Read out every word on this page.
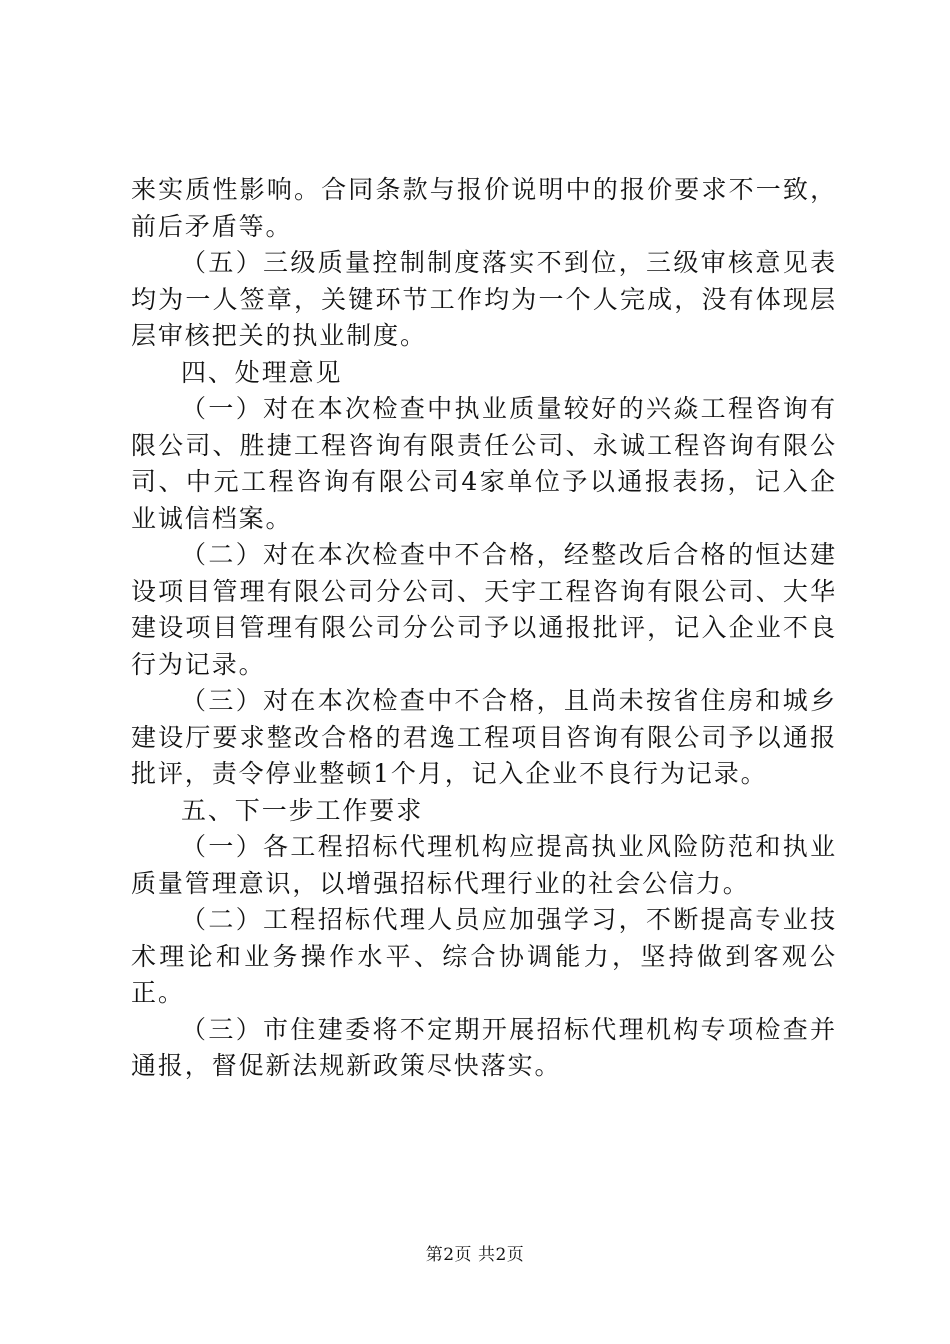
来实质性影响。合同条款与报价说明中的报价要求不一致，前后矛盾等。

（五）三级质量控制制度落实不到位，三级审核意见表均为一人签章，关键环节工作均为一个人完成，没有体现层层审核把关的执业制度。

四、处理意见

（一）对在本次检查中执业质量较好的兴焱工程咨询有限公司、胜捷工程咨询有限责任公司、永诚工程咨询有限公司、中元工程咨询有限公司4家单位予以通报表扬，记入企业诚信档案。

（二）对在本次检查中不合格，经整改后合格的恒达建设项目管理有限公司分公司、天宇工程咨询有限公司、大华建设项目管理有限公司分公司予以通报批评，记入企业不良行为记录。

（三）对在本次检查中不合格，且尚未按省住房和城乡建设厅要求整改合格的君逸工程项目咨询有限公司予以通报批评，责令停业整顿1个月，记入企业不良行为记录。

五、下一步工作要求

（一）各工程招标代理机构应提高执业风险防范和执业质量管理意识，以增强招标代理行业的社会公信力。

（二）工程招标代理人员应加强学习，不断提高专业技术理论和业务操作水平、综合协调能力，坚持做到客观公正。

（三）市住建委将不定期开展招标代理机构专项检查并通报，督促新法规新政策尽快落实。

第2页 共2页
